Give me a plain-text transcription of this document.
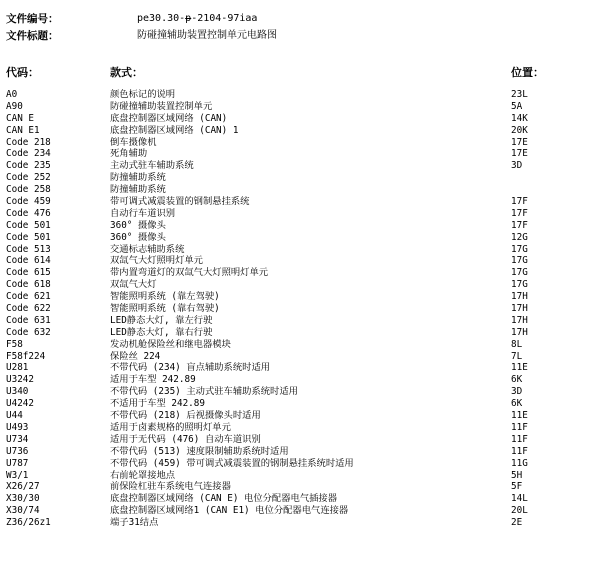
文件编号：	pe30.30-p-2104-97iaa
文件标题：	防碰撞辅助装置控制单元电路图
代码：	款式：	位置：
A0	颜色标记的说明	23L
A90	防碰撞辅助装置控制单元	5A
CAN E	底盘控制器区域网络 (CAN)	14K
CAN E1	底盘控制器区域网络 (CAN) 1	20K
Code 218	倒车摄像机	17E
Code 234	死角辅助	17E
Code 235	主动式驻车辅助系统	3D
Code 252	防撞辅助系统
Code 258	防撞辅助系统
Code 459	带可调式减震装置的钢制悬挂系统	17F
Code 476	自动行车道识别	17F
Code 501	360° 摄像头	17F
Code 501	360° 摄像头	12G
Code 513	交通标志辅助系统	17G
Code 614	双氙气大灯照明灯单元	17G
Code 615	带内置弯道灯的双氙气大灯照明灯单元	17G
Code 618	双氙气大灯	17G
Code 621	智能照明系统 (靠左驾驶)	17H
Code 622	智能照明系统 (靠右驾驶)	17H
Code 631	LED静态大灯, 靠左行驶	17H
Code 632	LED静态大灯, 靠右行驶	17H
F58	发动机舱保险丝和继电器模块	8L
F58f224	保险丝 224	7L
U281	不带代码 (234) 盲点辅助系统时适用	11E
U3242	适用于车型 242.89	6K
U340	不带代码 (235) 主动式驻车辅助系统时适用	3D
U4242	不适用于车型 242.89	6K
U44	不带代码 (218) 后视摄像头时适用	11E
U493	适用于卤素规格的照明灯单元	11F
U734	适用于无代码 (476) 自动车道识别	11F
U736	不带代码 (513) 速度限制辅助系统时适用	11F
U787	不带代码 (459) 带可调式减震装置的钢制悬挂系统时适用	11G
W3/1	右前轮罩接地点	5H
X26/27	前保险杠驻车系统电气连接器	5F
X30/30	底盘控制器区域网络 (CAN E) 电位分配器电气插接器	14L
X30/74	底盘控制器区域网络1 (CAN E1) 电位分配器电气连接器	20L
Z36/26z1	端子31结点	2E
